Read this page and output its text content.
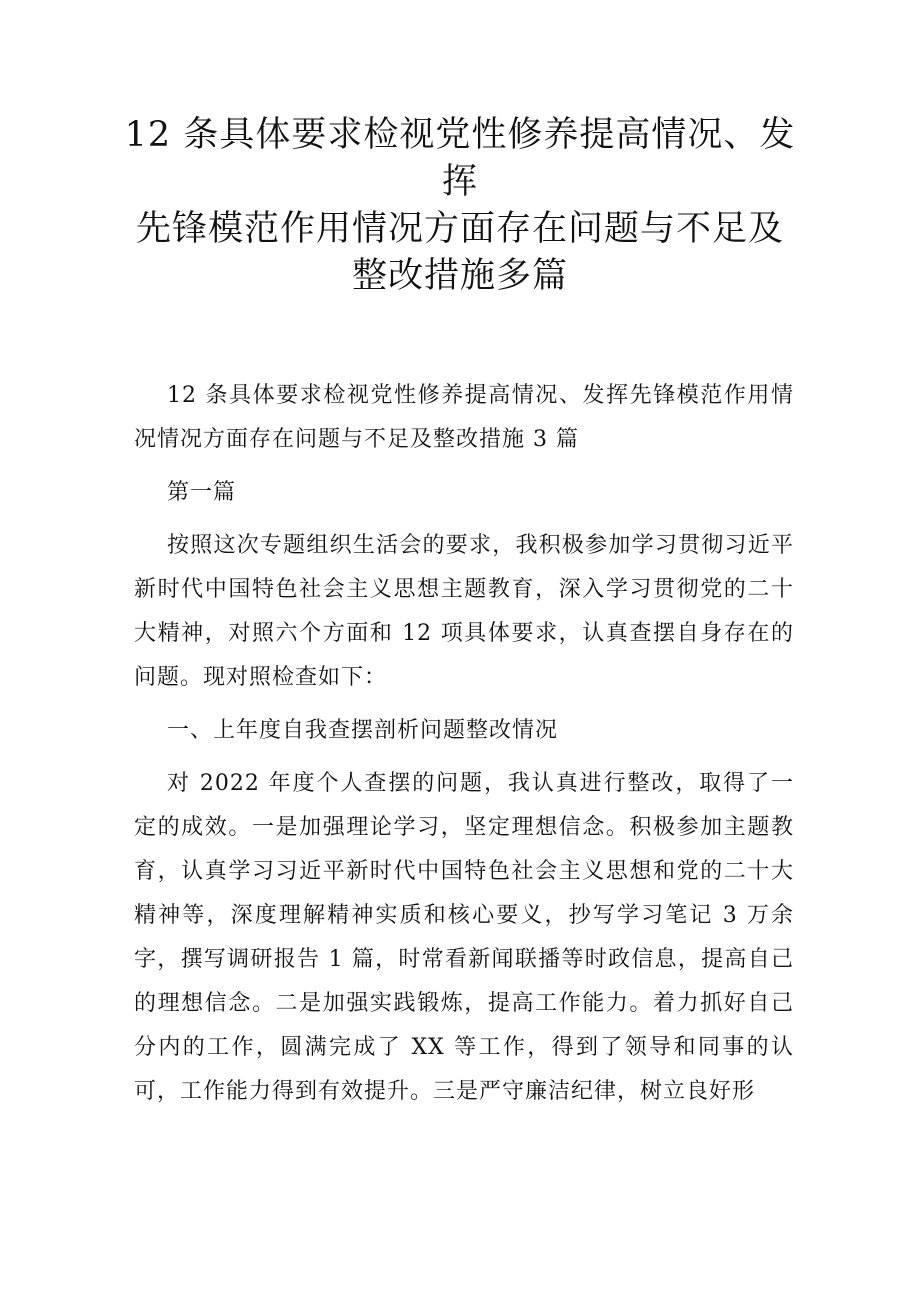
12 条具体要求检视党性修养提高情况、发
挥
先锋模范作用情况方面存在问题与不足及
整改措施多篇

12 条具体要求检视党性修养提高情况、发挥先锋模范作用情况情况方面存在问题与不足及整改措施 3 篇

第一篇

按照这次专题组织生活会的要求，我积极参加学习贯彻习近平新时代中国特色社会主义思想主题教育，深入学习贯彻党的二十大精神，对照六个方面和 12 项具体要求，认真查摆自身存在的问题。现对照检查如下：

一、上年度自我查摆剖析问题整改情况

对 2022 年度个人查摆的问题，我认真进行整改，取得了一定的成效。一是加强理论学习，坚定理想信念。积极参加主题教育，认真学习习近平新时代中国特色社会主义思想和党的二十大精神等，深度理解精神实质和核心要义，抄写学习笔记 3 万余字，撰写调研报告 1 篇，时常看新闻联播等时政信息，提高自己的理想信念。二是加强实践锻炼，提高工作能力。着力抓好自己分内的工作，圆满完成了 XX 等工作，得到了领导和同事的认可，工作能力得到有效提升。三是严守廉洁纪律，树立良好形
